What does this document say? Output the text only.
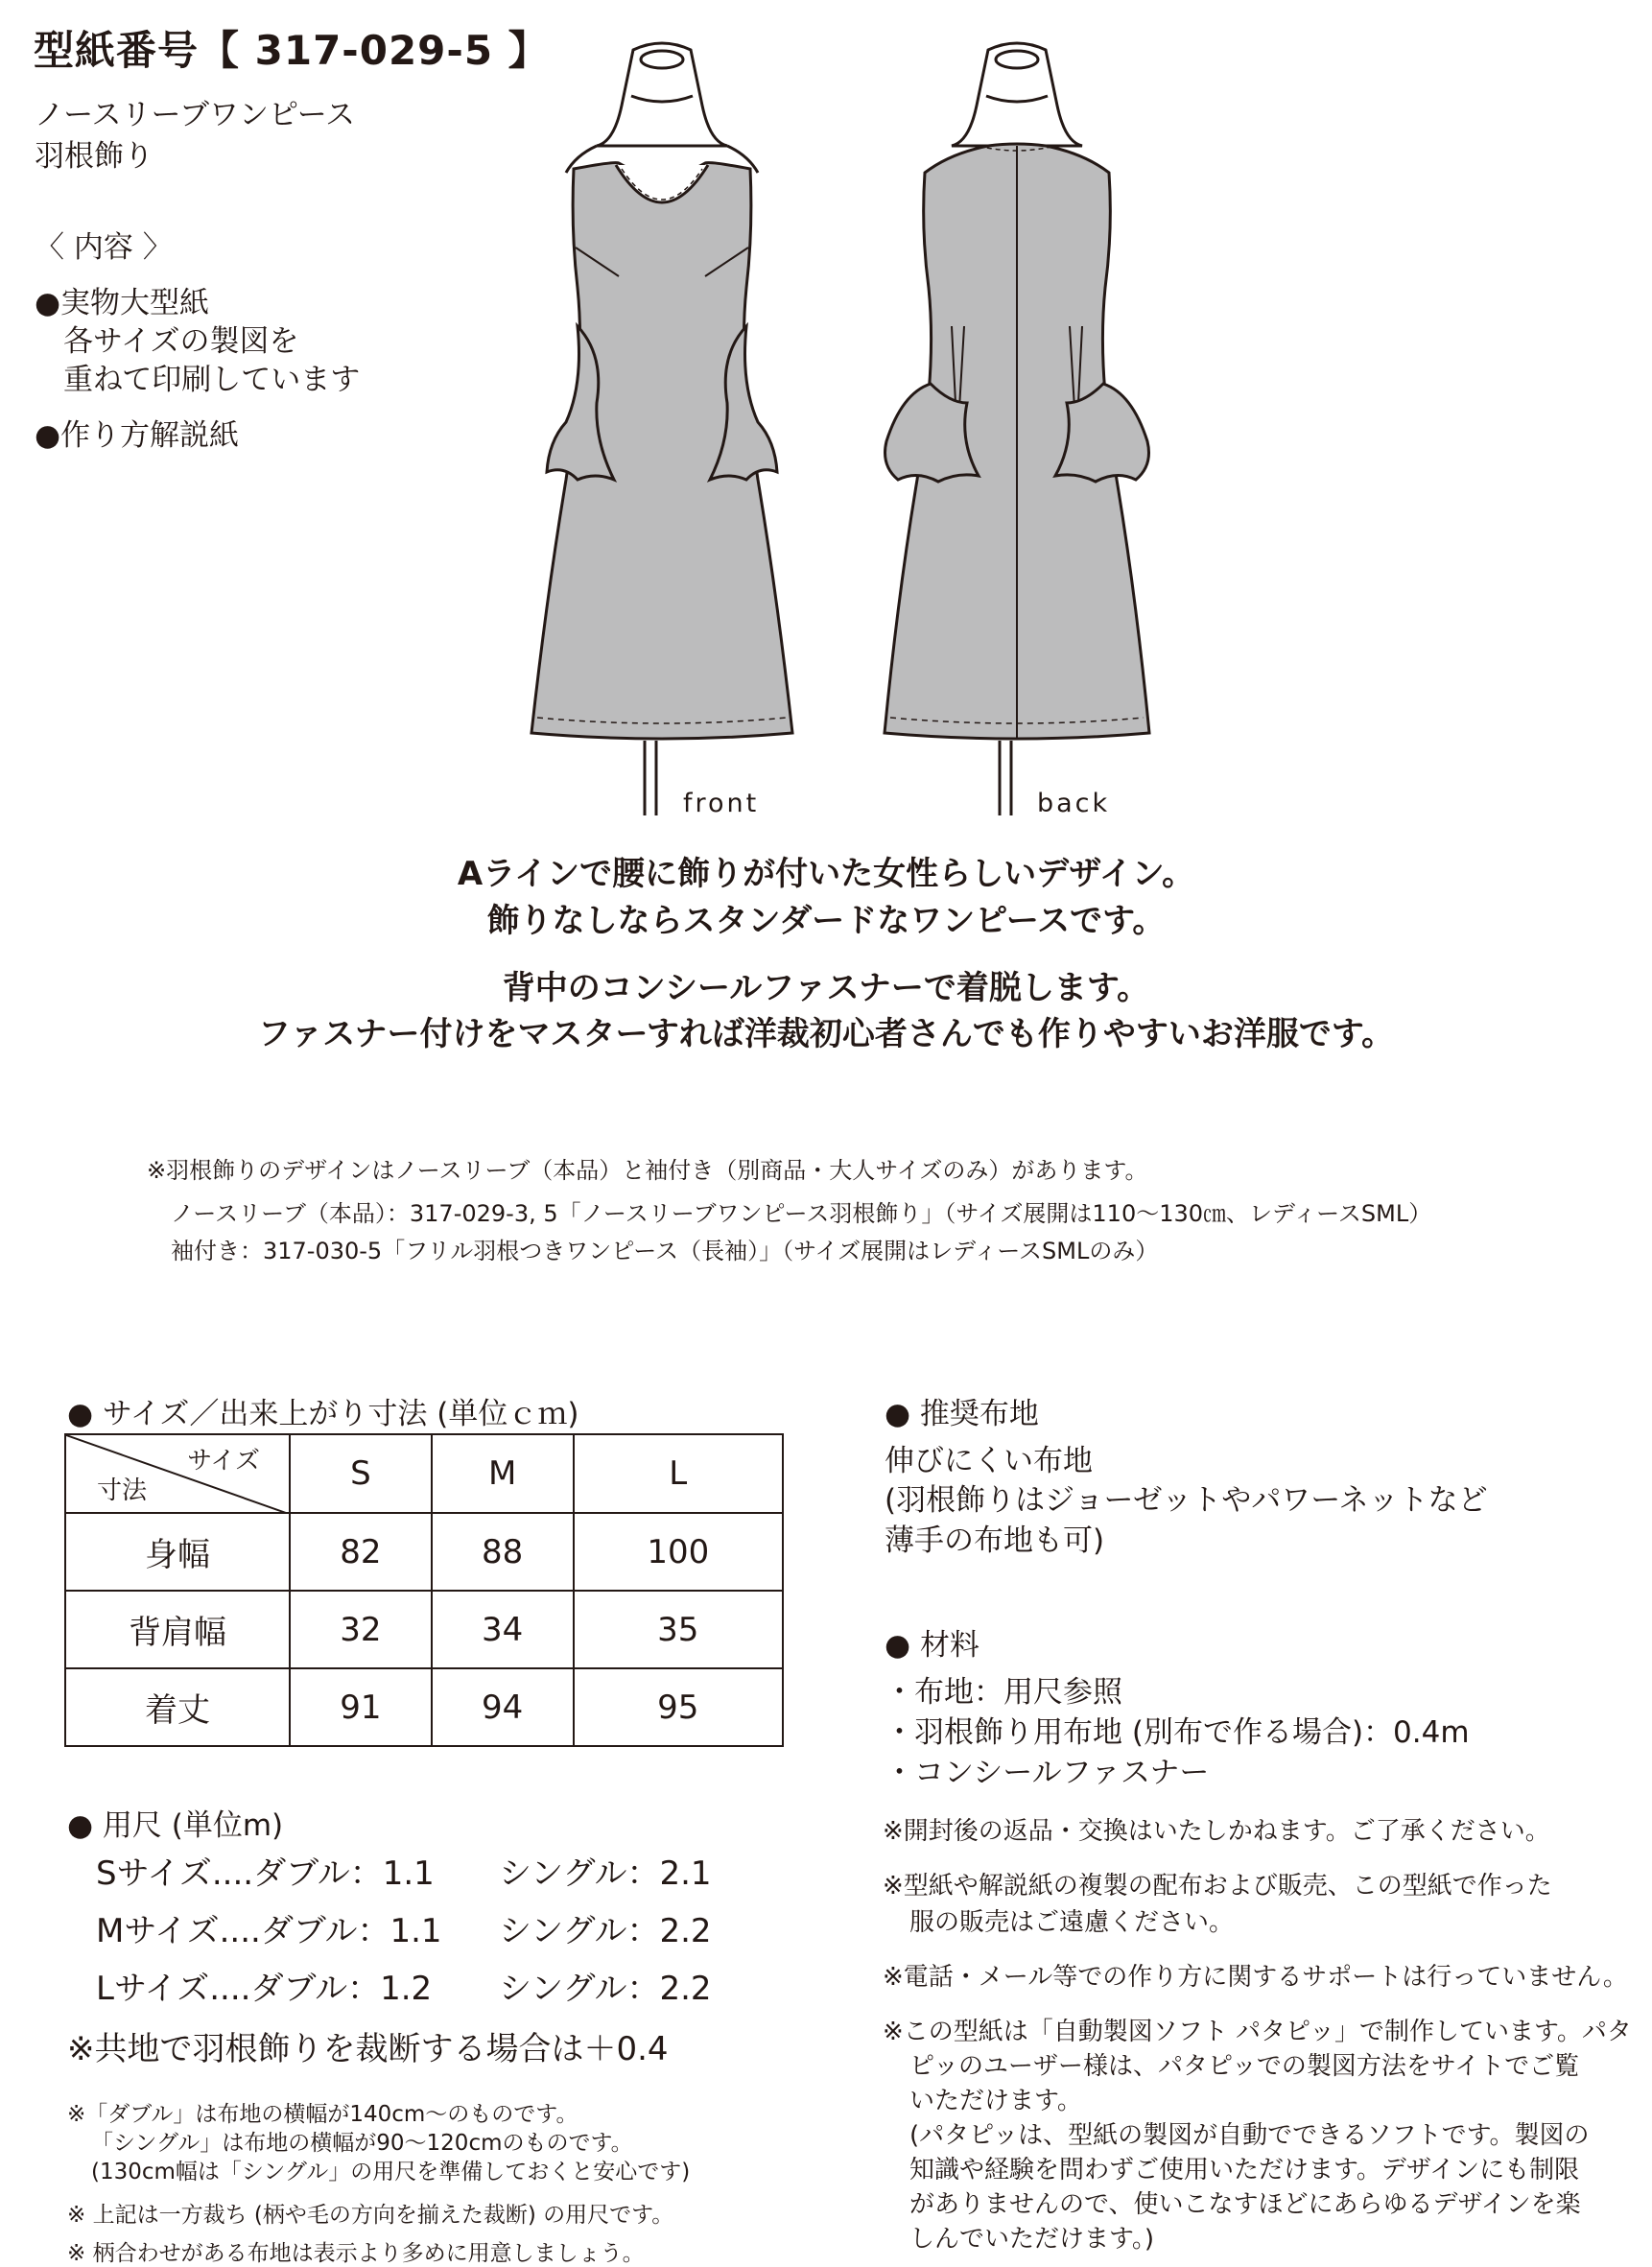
型紙番号【 317-029-5 】
ノースリーブワンピース
羽根飾り
〈 内容 〉
●実物大型紙
各サイズの製図を
重ねて印刷しています
●作り方解説紙
front	back
Aラインで腰に飾りが付いた女性らしいデザイン。
飾りなしならスタンダードなワンピースです。
背中のコンシールファスナーで着脱します。
ファスナー付けをマスターすれば洋裁初心者さんでも作りやすいお洋服です。
※羽根飾りのデザインはノースリーブ（本品）と袖付き（別商品・大人サイズのみ）があります。
ノースリーブ（本品）：317-029-3, 5「ノースリーブワンピース羽根飾り」（サイズ展開は110〜130㎝、レディースSML）
袖付き：317-030-5「フリル羽根つきワンピース（長袖）」（サイズ展開はレディースSMLのみ）
● サイズ／出来上がり寸法 (単位ｃｍ)
サイズ
寸法	S	M	L
身幅	82	88	100
背肩幅	32	34	35
着丈	91	94	95
● 推奨布地
伸びにくい布地
(羽根飾りはジョーゼットやパワーネットなど
薄手の布地も可)
● 材料
・布地：用尺参照
・羽根飾り用布地 (別布で作る場合)：0.4m
・コンシールファスナー
● 用尺 (単位m)
Sサイズ....ダブル：1.1 シングル：2.1
Mサイズ....ダブル：1.1 シングル：2.2
Lサイズ....ダブル：1.2 シングル：2.2
※共地で羽根飾りを裁断する場合は＋0.4
※「ダブル」は布地の横幅が140cm〜のものです。
「シングル」は布地の横幅が90〜120cmのものです。
(130cm幅は「シングル」の用尺を準備しておくと安心です)
※ 上記は一方裁ち (柄や毛の方向を揃えた裁断) の用尺です。
※ 柄合わせがある布地は表示より多めに用意しましょう。
※開封後の返品・交換はいたしかねます。ご了承ください。
※型紙や解説紙の複製の配布および販売、この型紙で作った
服の販売はご遠慮ください。
※電話・メール等での作り方に関するサポートは行っていません。
※この型紙は「自動製図ソフト パタピッ」で制作しています。パタ
ピッのユーザー様は、パタピッでの製図方法をサイトでご覧
いただけます。
(パタピッは、型紙の製図が自動でできるソフトです。製図の
知識や経験を問わずご使用いただけます。デザインにも制限
がありませんので、使いこなすほどにあらゆるデザインを楽
しんでいただけます。)
